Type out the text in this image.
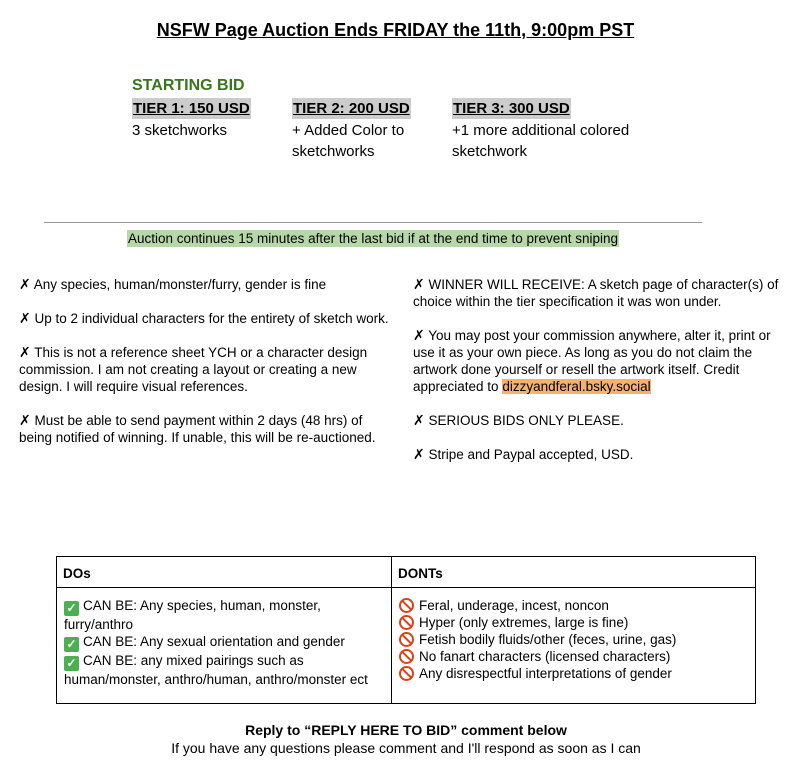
NSFW Page Auction Ends FRIDAY the 11th, 9:00pm PST
STARTING BID
TIER 1: 150 USD
3 sketchworks
TIER 2: 200 USD
+ Added Color to sketchworks
TIER 3: 300 USD
+1 more additional colored sketchwork
Auction continues 15 minutes after the last bid if at the end time to prevent sniping
✗ Any species, human/monster/furry, gender is fine
✗ Up to 2 individual characters for the entirety of sketch work.
✗ This is not a reference sheet YCH or a character design commission. I am not creating a layout or creating a new design. I will require visual references.
✗ Must be able to send payment within 2 days (48 hrs) of being notified of winning. If unable, this will be re-auctioned.
✗ WINNER WILL RECEIVE: A sketch page of character(s) of choice within the tier specification it was won under.
✗ You may post your commission anywhere, alter it, print or use it as your own piece. As long as you do not claim the artwork done yourself or resell the artwork itself. Credit appreciated to dizzyandferal.bsky.social
✗ SERIOUS BIDS ONLY PLEASE.
✗ Stripe and Paypal accepted, USD.
DOs	DONTs
✓ CAN BE: Any species, human, monster, furry/anthro
✓ CAN BE: Any sexual orientation and gender
✓ CAN BE: any mixed pairings such as human/monster, anthro/human, anthro/monster ect
Feral, underage, incest, noncon
Hyper (only extremes, large is fine)
Fetish bodily fluids/other (feces, urine, gas)
No fanart characters (licensed characters)
Any disrespectful interpretations of gender
Reply to “REPLY HERE TO BID” comment below
If you have any questions please comment and I'll respond as soon as I can
